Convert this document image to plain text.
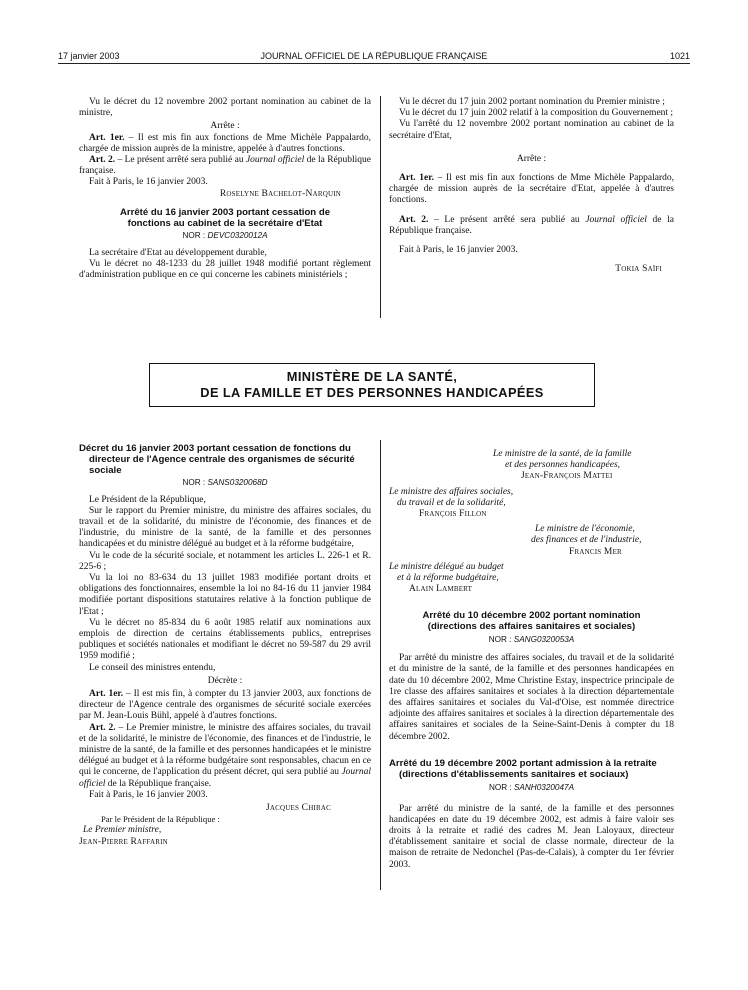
17 janvier 2003	JOURNAL OFFICIEL DE LA RÉPUBLIQUE FRANÇAISE	1021

Vu le décret du 12 novembre 2002 portant nomination au cabinet de la ministre,

Arrête :

Art. 1er. – Il est mis fin aux fonctions de Mme Michèle Pappalardo, chargée de mission auprès de la ministre, appelée à d'autres fonctions.

Art. 2. – Le présent arrêté sera publié au Journal officiel de la République française.

Fait à Paris, le 16 janvier 2003.

Roselyne Bachelot-Narquin

Arrêté du 16 janvier 2003 portant cessation de fonctions au cabinet de la secrétaire d'Etat

NOR : DEVC0320012A

La secrétaire d'Etat au développement durable,

Vu le décret no 48-1233 du 28 juillet 1948 modifié portant règlement d'administration publique en ce qui concerne les cabinets ministériels ;

Vu le décret du 17 juin 2002 portant nomination du Premier ministre ;

Vu le décret du 17 juin 2002 relatif à la composition du Gouvernement ;

Vu l'arrêté du 12 novembre 2002 portant nomination au cabinet de la secrétaire d'Etat,

Arrête :

Art. 1er. – Il est mis fin aux fonctions de Mme Michèle Pappalardo, chargée de mission auprès de la secrétaire d'Etat, appelée à d'autres fonctions.

Art. 2. – Le présent arrêté sera publié au Journal officiel de la République française.

Fait à Paris, le 16 janvier 2003.

Tokia Saïfi

MINISTÈRE DE LA SANTÉ,
DE LA FAMILLE ET DES PERSONNES HANDICAPÉES

Décret du 16 janvier 2003 portant cessation de fonctions du directeur de l'Agence centrale des organismes de sécurité sociale

NOR : SANS0320068D

Le Président de la République,

Sur le rapport du Premier ministre, du ministre des affaires sociales, du travail et de la solidarité, du ministre de l'économie, des finances et de l'industrie, du ministre de la santé, de la famille et des personnes handicapées et du ministre délégué au budget et à la réforme budgétaire,

Vu le code de la sécurité sociale, et notamment les articles L. 226-1 et R. 225-6 ;

Vu la loi no 83-634 du 13 juillet 1983 modifiée portant droits et obligations des fonctionnaires, ensemble la loi no 84-16 du 11 janvier 1984 modifiée portant dispositions statutaires relative à la fonction publique de l'Etat ;

Vu le décret no 85-834 du 6 août 1985 relatif aux nominations aux emplois de direction de certains établissements publics, entreprises publiques et sociétés nationales et modifiant le décret no 59-587 du 29 avril 1959 modifié ;

Le conseil des ministres entendu,

Décrète :

Art. 1er. – Il est mis fin, à compter du 13 janvier 2003, aux fonctions de directeur de l'Agence centrale des organismes de sécurité sociale exercées par M. Jean-Louis Bühl, appelé à d'autres fonctions.

Art. 2. – Le Premier ministre, le ministre des affaires sociales, du travail et de la solidarité, le ministre de l'économie, des finances et de l'industrie, le ministre de la santé, de la famille et des personnes handicapées et le ministre délégué au budget et à la réforme budgétaire sont responsables, chacun en ce qui le concerne, de l'application du présent décret, qui sera publié au Journal officiel de la République française.

Fait à Paris, le 16 janvier 2003.

Jacques Chirac

Par le Président de la République :

Le Premier ministre,

Jean-Pierre Raffarin

Le ministre de la santé, de la famille

et des personnes handicapées,

Jean-François Mattei

Le ministre des affaires sociales,

du travail et de la solidarité,

François Fillon

Le ministre de l'économie,

des finances et de l'industrie,

Francis Mer

Le ministre délégué au budget

et à la réforme budgétaire,

Alain Lambert

Arrêté du 10 décembre 2002 portant nomination
(directions des affaires sanitaires et sociales)

NOR : SANG0320053A

Par arrêté du ministre des affaires sociales, du travail et de la solidarité et du ministre de la santé, de la famille et des personnes handicapées en date du 10 décembre 2002, Mme Christine Estay, inspectrice principale de 1re classe des affaires sanitaires et sociales à la direction départementale des affaires sanitaires et sociales du Val-d'Oise, est nommée directrice adjointe des affaires sanitaires et sociales à la direction départementale des affaires sanitaires et sociales de la Seine-Saint-Denis à compter du 18 décembre 2002.

Arrêté du 19 décembre 2002 portant admission à la retraite (directions d'établissements sanitaires et sociaux)

NOR : SANH0320047A

Par arrêté du ministre de la santé, de la famille et des personnes handicapées en date du 19 décembre 2002, est admis à faire valoir ses droits à la retraite et radié des cadres M. Jean Laloyaux, directeur d'établissement sanitaire et social de classe normale, directeur de la maison de retraite de Nedonchel (Pas-de-Calais), à compter du 1er février 2003.
